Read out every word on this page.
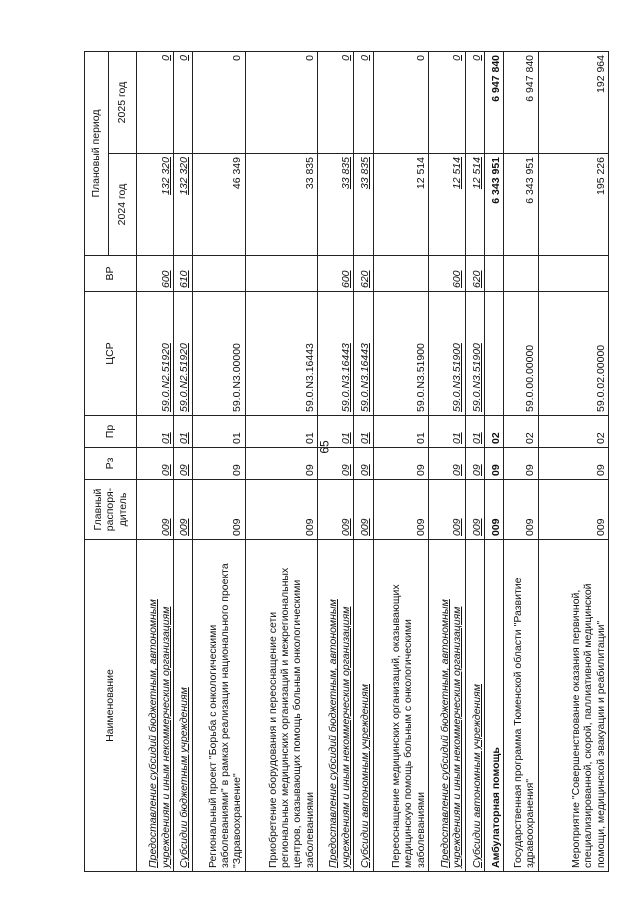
65
Наименование	Главный распоря-дитель	Рз	Пр	ЦСР	ВР	Плановый период	
						2024 год	2025 год
Предоставление субсидий бюджетным, автономным учреждениям и иным некоммерческим организациям	009	09	01	59.0.N2.51920	600	132 320	0
Субсидии бюджетным учреждениям	009	09	01	59.0.N2.51920	610	132 320	0
Региональный проект "Борьба с онкологическими заболеваниями" в рамках реализации национального проекта "Здравоохранение"	009	09	01	59.0.N3.00000		46 349	0
Приобретение оборудования и переоснащение сети региональных медицинских организаций и межрегиональных центров, оказывающих помощь больным онкологическими заболеваниями	009	09	01	59.0.N3.16443		33 835	0
Предоставление субсидий бюджетным, автономным учреждениям и иным некоммерческим организациям	009	09	01	59.0.N3.16443	600	33 835	0
Субсидии автономным учреждениям	009	09	01	59.0.N3.16443	620	33 835	0
Переоснащение медицинских организаций, оказывающих медицинскую помощь больным с онкологическими заболеваниями	009	09	01	59.0.N3.51900		12 514	0
Предоставление субсидий бюджетным, автономным учреждениям и иным некоммерческим организациям	009	09	01	59.0.N3.51900	600	12 514	0
Субсидии автономным учреждениям	009	09	01	59.0.N3.51900	620	12 514	0
Амбулаторная помощь	009	09	02			6 343 951	6 947 840
Государственная программа Тюменской области "Развитие здравоохранения"	009	09	02	59.0.00.00000		6 343 951	6 947 840
Мероприятие "Совершенствование оказания первичной, специализированной, скорой, паллиативной медицинской помощи, медицинской эвакуации и реабилитации"	009	09	02	59.0.02.00000		195 226	192 964
